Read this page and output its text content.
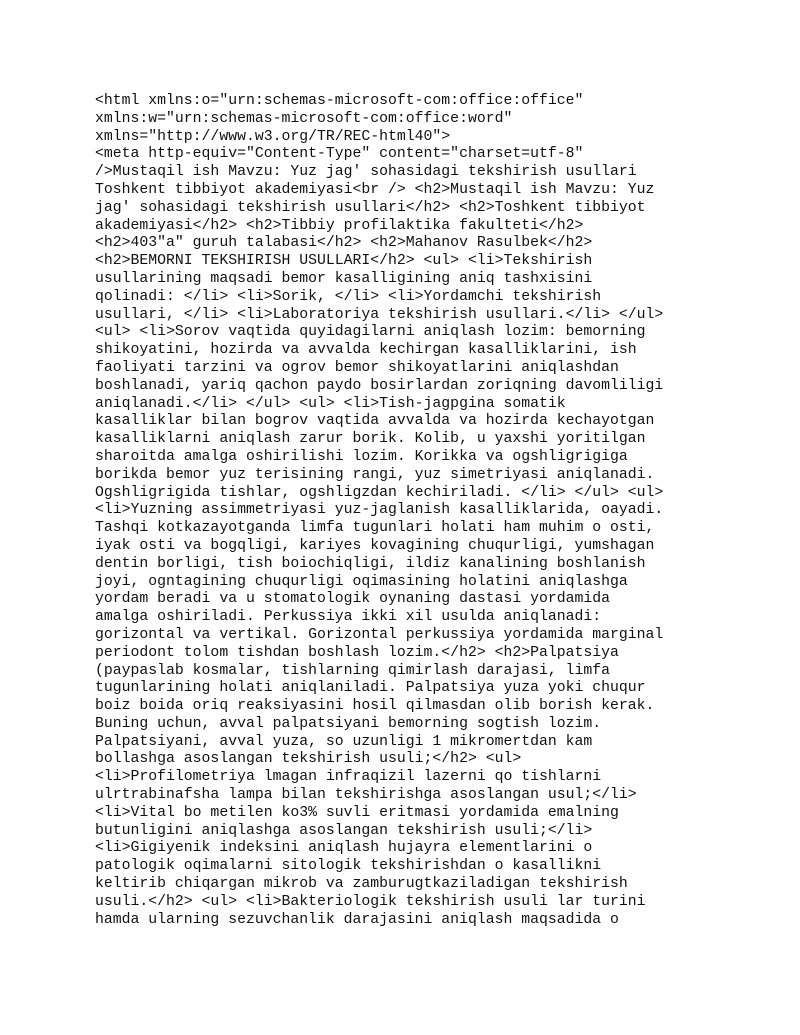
<html xmlns:o="urn:schemas-microsoft-com:office:office"
xmlns:w="urn:schemas-microsoft-com:office:word"
xmlns="http://www.w3.org/TR/REC-html40">
<meta http-equiv="Content-Type" content="charset=utf-8"
/>Mustaqil ish Mavzu: Yuz jag' sohasidagi tekshirish usullari
Toshkent tibbiyot akademiyasi<br /> <h2>Mustaqil ish Mavzu: Yuz
jag' sohasidagi tekshirish usullari</h2> <h2>Toshkent tibbiyot
akademiyasi</h2> <h2>Tibbiy profilaktika fakulteti</h2>
<h2>403"a" guruh talabasi</h2> <h2>Mahanov Rasulbek</h2>
<h2>BEMORNI TEKSHIRISH USULLARI</h2> <ul> <li>Tekshirish
usullarining maqsadi bemor kasalligining aniq tashxisini
qolinadi: </li> <li>Sorik, </li> <li>Yordamchi tekshirish
usullari, </li> <li>Laboratoriya tekshirish usullari.</li> </ul>
<ul> <li>Sorov vaqtida quyidagilarni aniqlash lozim: bemorning
shikoyatini, hozirda va avvalda kechirgan kasalliklarini, ish
faoliyati tarzini va ogrov bemor shikoyatlarini aniqlashdan
boshlanadi, yariq qachon paydo bosirlardan zoriqning davomliligi
aniqlanadi.</li> </ul> <ul> <li>Tish-jagpgina somatik
kasalliklar bilan bogrov vaqtida avvalda va hozirda kechayotgan
kasalliklarni aniqlash zarur borik. Kolib, u yaxshi yoritilgan
sharoitda amalga oshirilishi lozim. Korikka va ogshligrigiga
borikda bemor yuz terisining rangi, yuz simetriyasi aniqlanadi.
Ogshligrigida tishlar, ogshligzdan kechiriladi. </li> </ul> <ul>
<li>Yuzning assimmetriyasi yuz-jaglanish kasalliklarida, oayadi.
Tashqi kotkazayotganda limfa tugunlari holati ham muhim o osti,
iyak osti va bogqligi, kariyes kovagining chuqurligi, yumshagan
dentin borligi, tish boiochiqligi, ildiz kanalining boshlanish
joyi, ogntagining chuqurligi oqimasining holatini aniqlashga
yordam beradi va u stomatologik oynaning dastasi yordamida
amalga oshiriladi. Perkussiya ikki xil usulda aniqlanadi:
gorizontal va vertikal. Gorizontal perkussiya yordamida marginal
periodont tolom tishdan boshlash lozim.</h2> <h2>Palpatsiya
(paypaslab kosmalar, tishlarning qimirlash darajasi, limfa
tugunlarining holati aniqlaniladi. Palpatsiya yuza yoki chuqur
boiz boida oriq reaksiyasini hosil qilmasdan olib borish kerak.
Buning uchun, avval palpatsiyani bemorning sogtish lozim.
Palpatsiyani, avval yuza, so uzunligi 1 mikromertdan kam
bollashga asoslangan tekshirish usuli;</h2> <ul>
<li>Profilometriya lmagan infraqizil lazerni qo tishlarni
ulrtrabinafsha lampa bilan tekshirishga asoslangan usul;</li>
<li>Vital bo metilen ko3% suvli eritmasi yordamida emalning
butunligini aniqlashga asoslangan tekshirish usuli;</li>
<li>Gigiyenik indeksini aniqlash hujayra elementlarini o
patologik oqimalarni sitologik tekshirishdan o kasallikni
keltirib chiqargan mikrob va zamburugtkaziladigan tekshirish
usuli.</h2> <ul> <li>Bakteriologik tekshirish usuli lar turini
hamda ularning sezuvchanlik darajasini aniqlash maqsadida o
